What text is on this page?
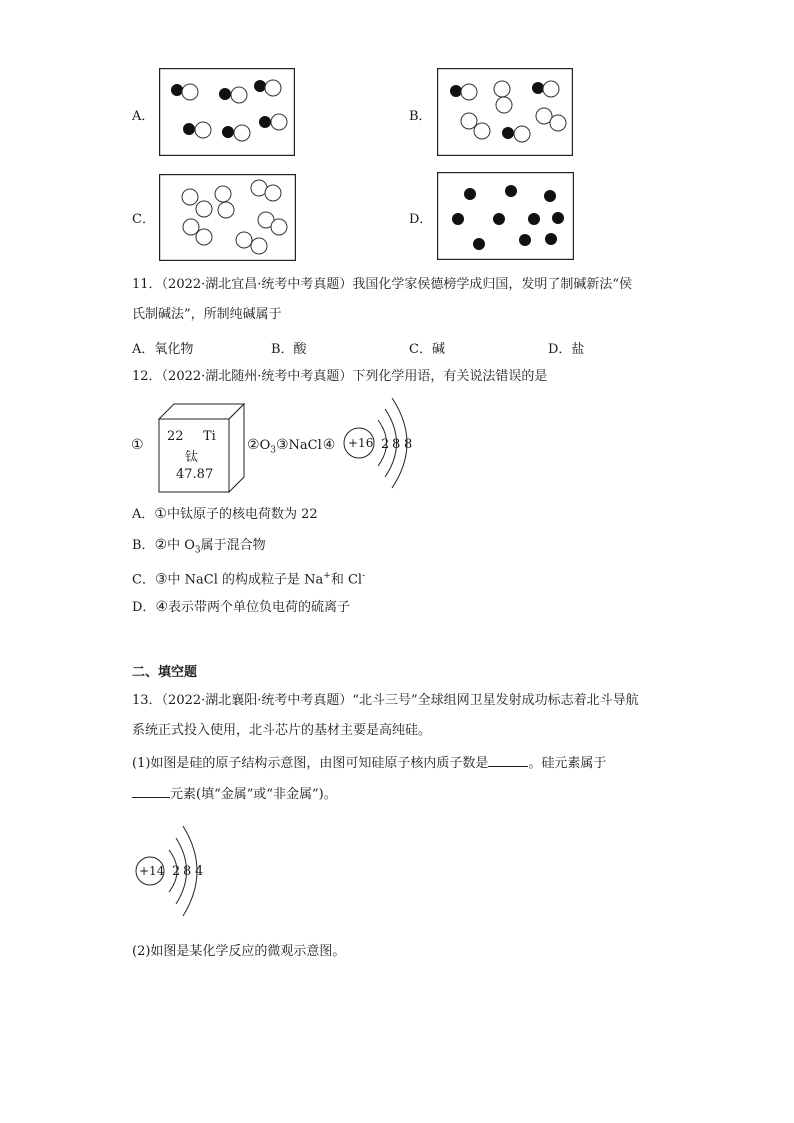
A．	B．
C．	D．
11．（2022·湖北宜昌·统考中考真题）我国化学家侯德榜学成归国，发明了制碱新法“侯
氏制碱法”，所制纯碱属于
A．氧化物	B．酸	C．碱	D．盐
12．（2022·湖北随州·统考中考真题）下列化学用语，有关说法错误的是
①
22 Ti
钛
47.87
$②O_3③NaCl④ +16$ 2 8 8
A．①中钛原子的核电荷数为 22
B．②中 $O_3$属于混合物
C．③中 NaCl 的构成粒子是 Na+和 Cl-
D．④表示带两个单位负电荷的硫离子
二、填空题
13．（2022·湖北襄阳·统考中考真题）“北斗三号”全球组网卫星发射成功标志着北斗导航
系统正式投入使用，北斗芯片的基材主要是高纯硅。
(1)如图是硅的原子结构示意图，由图可知硅原子核内质子数是	。硅元素属于
元素(填“金属”或“非金属”)。
+14 2 8 4
(2)如图是某化学反应的微观示意图。
